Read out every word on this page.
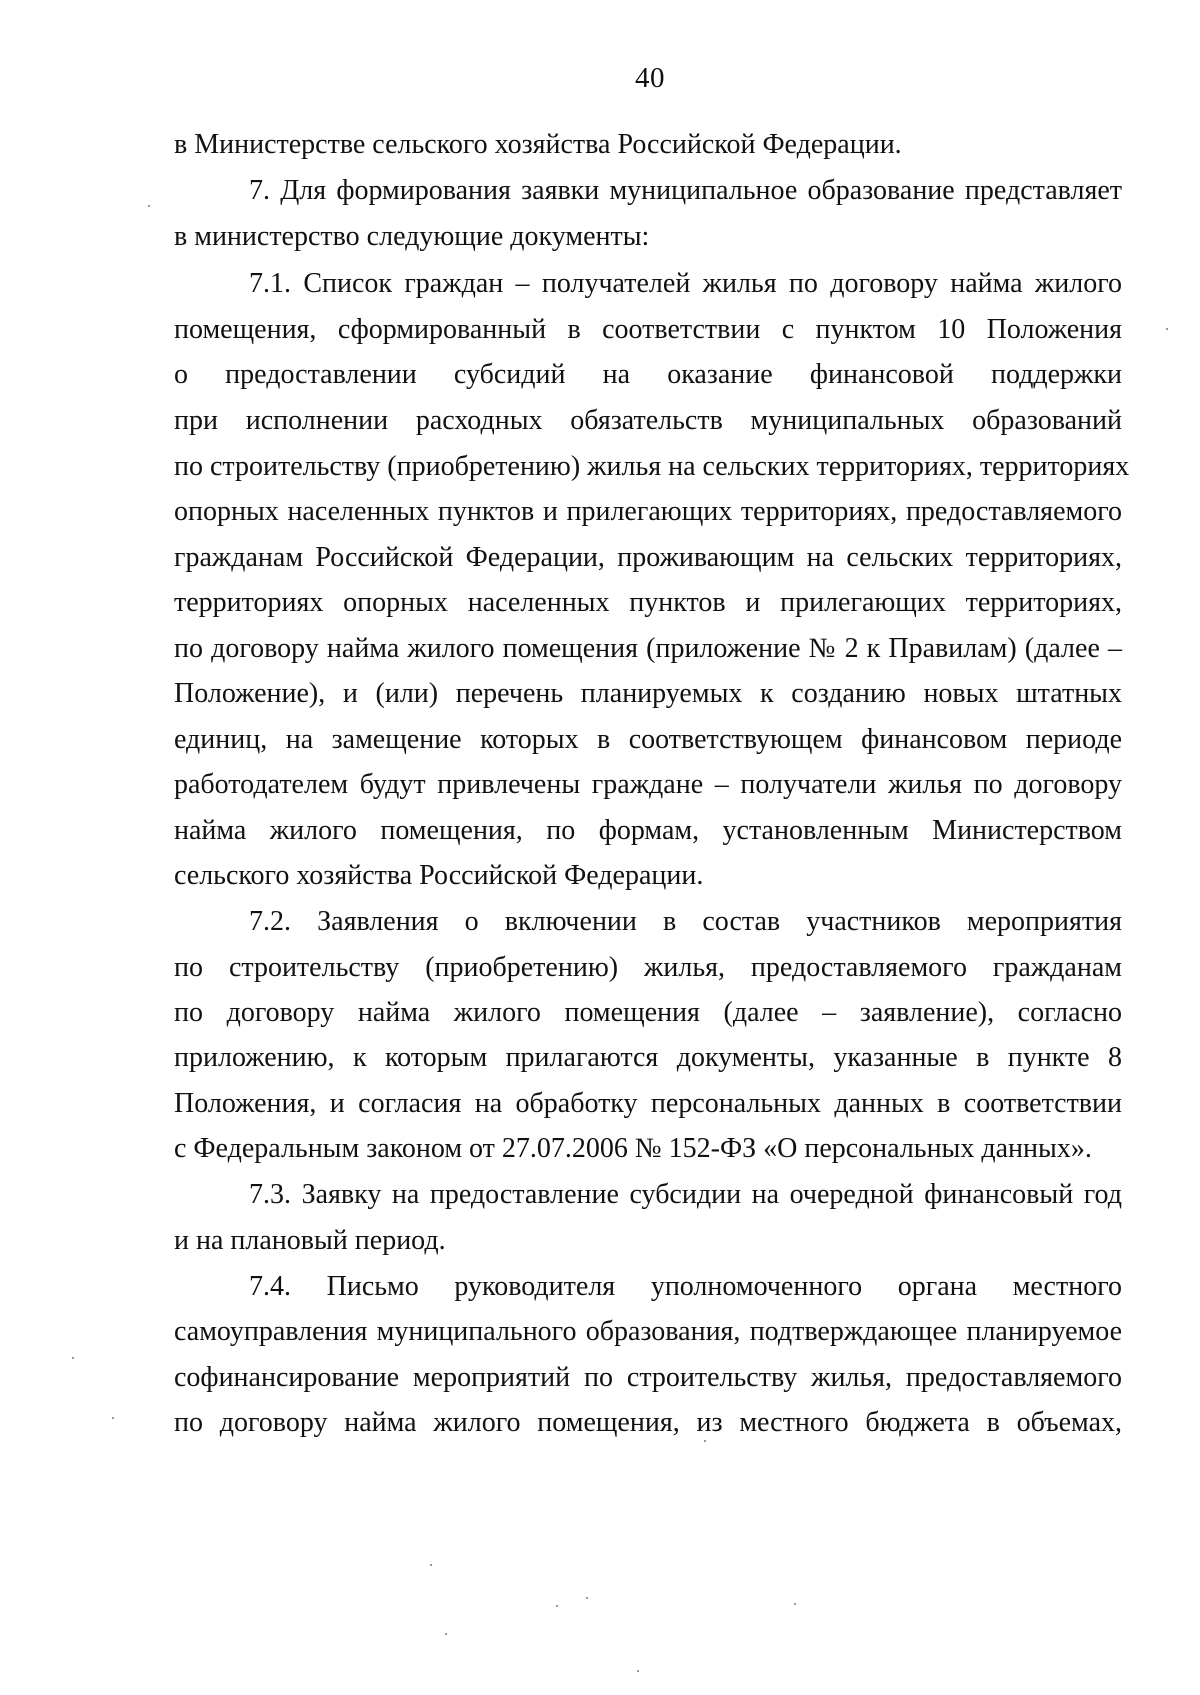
40
в Министерстве сельского хозяйства Российской Федерации.
7. Для формирования заявки муниципальное образование представляет
в министерство следующие документы:
7.1. Список граждан – получателей жилья по договору найма жилого
помещения, сформированный в соответствии с пунктом 10 Положения
о предоставлении субсидий на оказание финансовой поддержки
при исполнении расходных обязательств муниципальных образований
по строительству (приобретению) жилья на сельских территориях, территориях
опорных населенных пунктов и прилегающих территориях, предоставляемого
гражданам Российской Федерации, проживающим на сельских территориях,
территориях опорных населенных пунктов и прилегающих территориях,
по договору найма жилого помещения (приложение № 2 к Правилам) (далее –
Положение), и (или) перечень планируемых к созданию новых штатных
единиц, на замещение которых в соответствующем финансовом периоде
работодателем будут привлечены граждане – получатели жилья по договору
найма жилого помещения, по формам, установленным Министерством
сельского хозяйства Российской Федерации.
7.2. Заявления о включении в состав участников мероприятия
по строительству (приобретению) жилья, предоставляемого гражданам
по договору найма жилого помещения (далее – заявление), согласно
приложению, к которым прилагаются документы, указанные в пункте 8
Положения, и согласия на обработку персональных данных в соответствии
с Федеральным законом от 27.07.2006 № 152-ФЗ «О персональных данных».
7.3. Заявку на предоставление субсидии на очередной финансовый год
и на плановый период.
7.4. Письмо руководителя уполномоченного органа местного
самоуправления муниципального образования, подтверждающее планируемое
софинансирование мероприятий по строительству жилья, предоставляемого
по договору найма жилого помещения, из местного бюджета в объемах,
